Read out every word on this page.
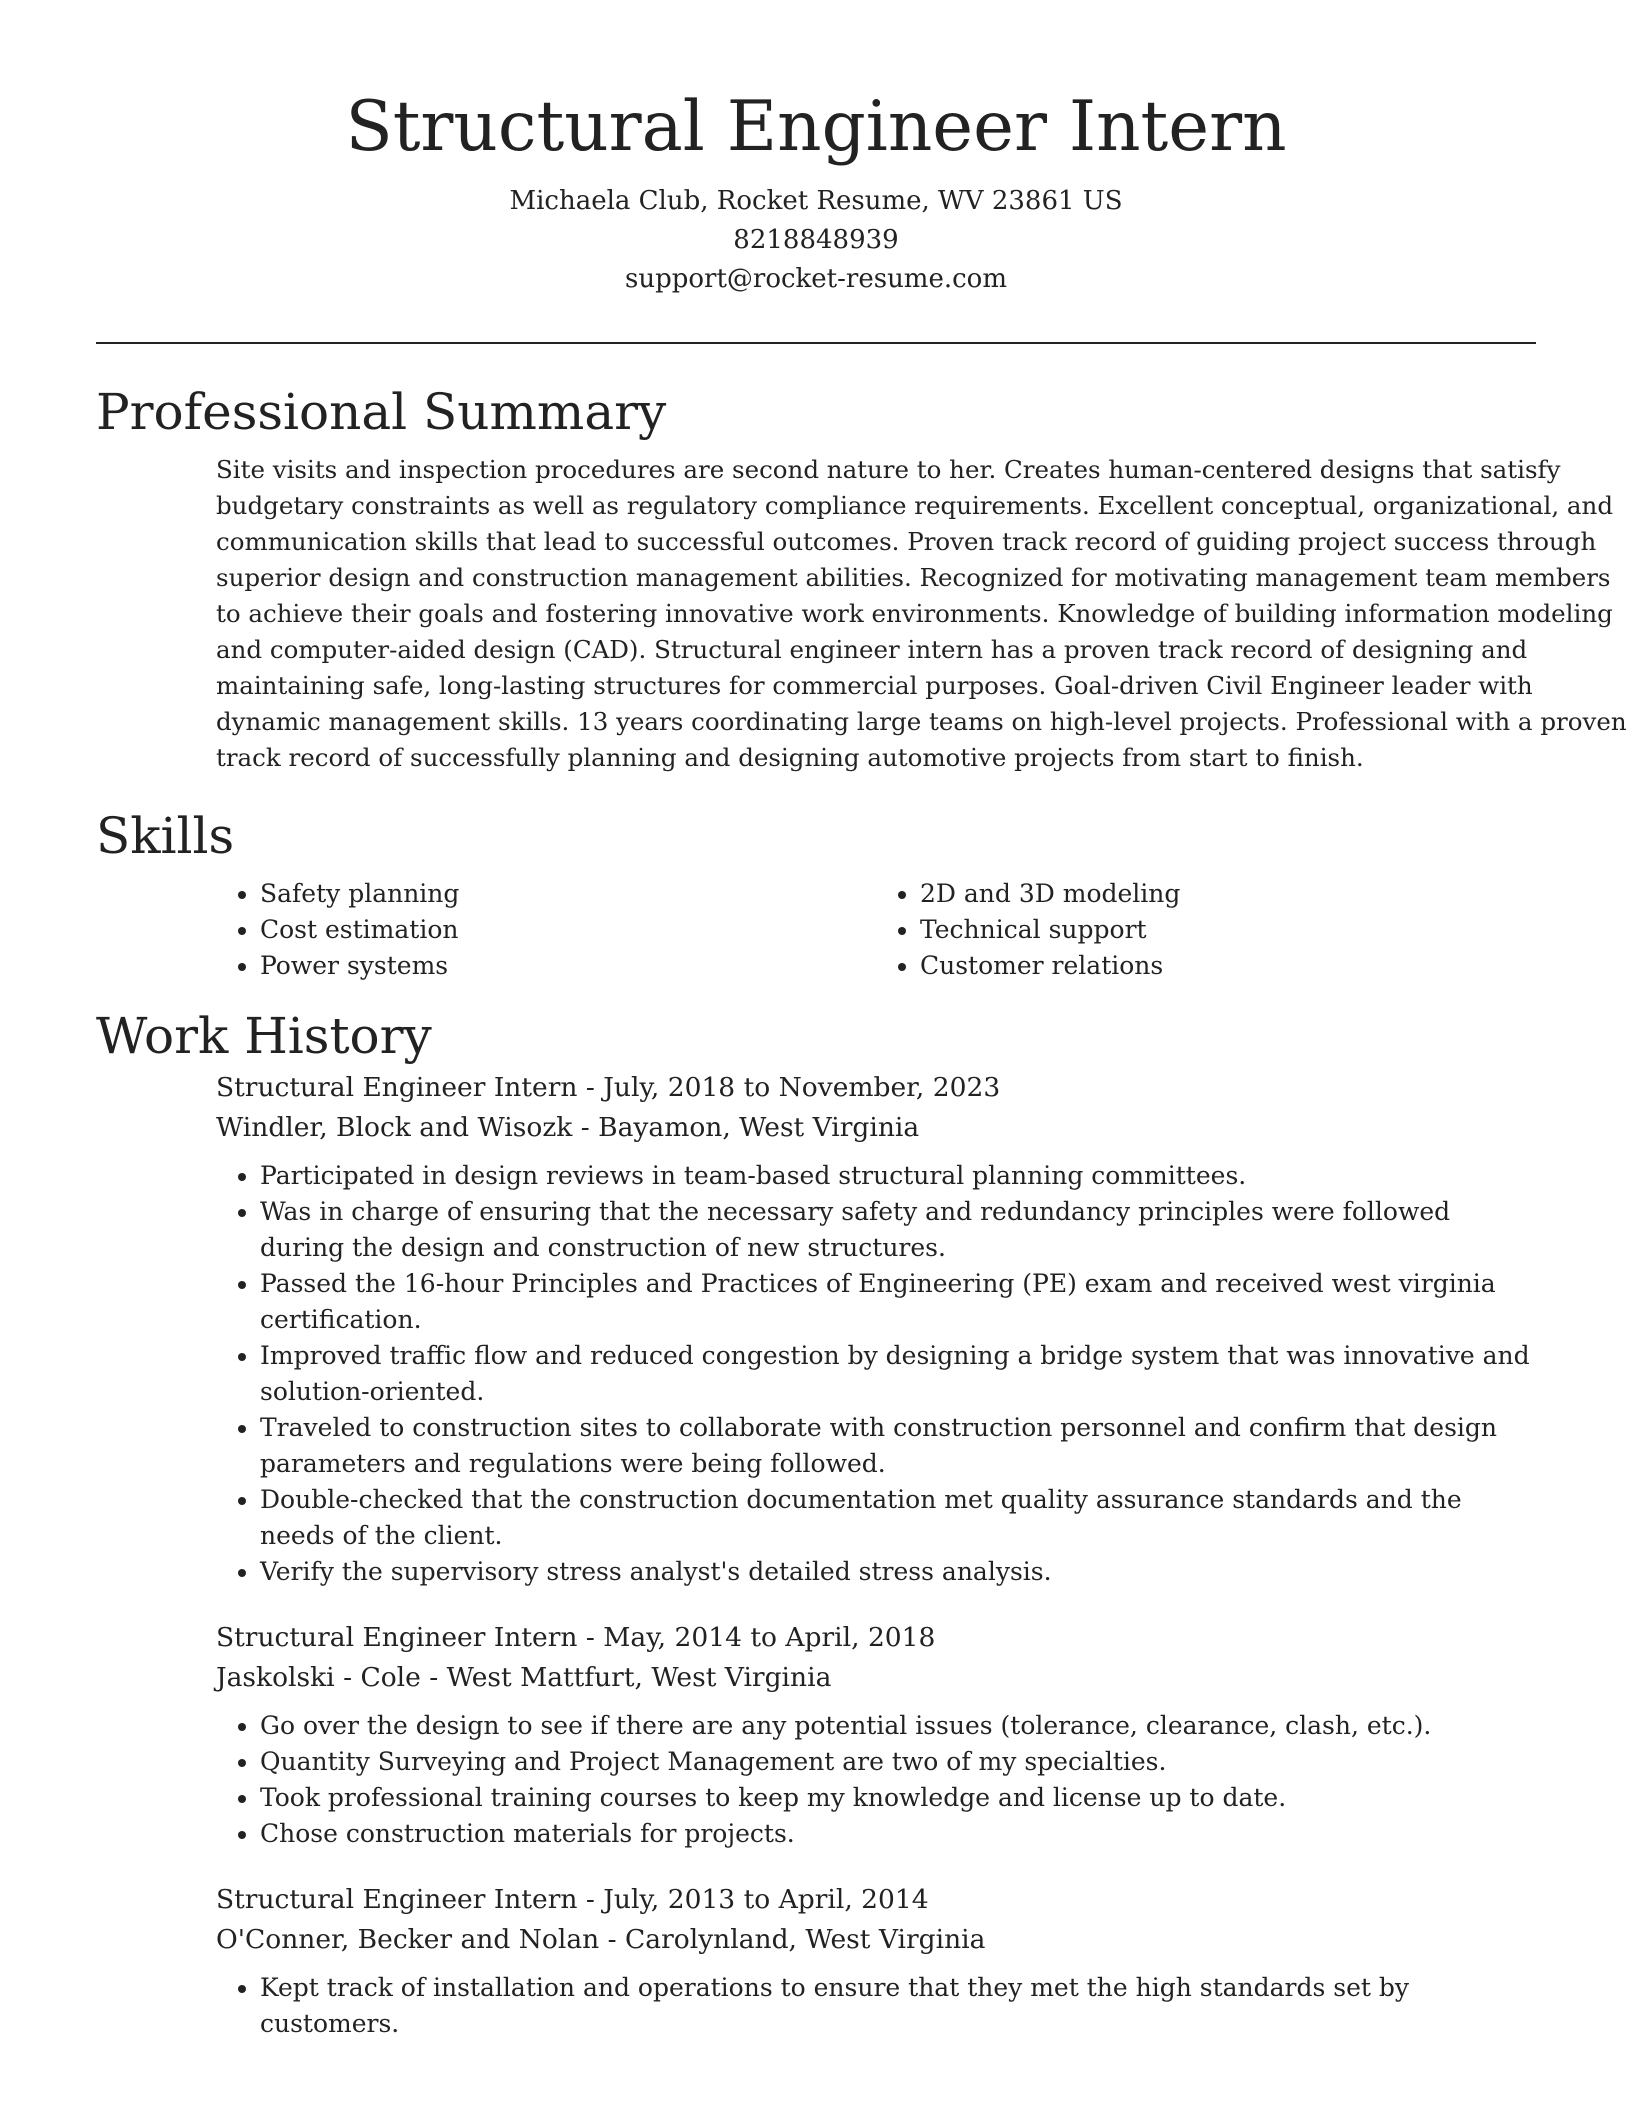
Structural Engineer Intern

Michaela Club, Rocket Resume, WV 23861 US

8218848939

support@rocket-resume.com

Professional Summary

Site visits and inspection procedures are second nature to her. Creates human-centered designs that satisfy budgetary constraints as well as regulatory compliance requirements. Excellent conceptual, organizational, and communication skills that lead to successful outcomes. Proven track record of guiding project success through superior design and construction management abilities. Recognized for motivating management team members to achieve their goals and fostering innovative work environments. Knowledge of building information modeling and computer-aided design (CAD). Structural engineer intern has a proven track record of designing and maintaining safe, long-lasting structures for commercial purposes. Goal-driven Civil Engineer leader with dynamic management skills. 13 years coordinating large teams on high-level projects. Professional with a proven track record of successfully planning and designing automotive projects from start to finish.

Skills
• Safety planning
• Cost estimation
• Power systems
• 2D and 3D modeling
• Technical support
• Customer relations
Work History

Structural Engineer Intern - July, 2018 to November, 2023

Windler, Block and Wisozk - Bayamon, West Virginia

• Participated in design reviews in team-based structural planning committees.
• Was in charge of ensuring that the necessary safety and redundancy principles were followed during the design and construction of new structures.
• Passed the 16-hour Principles and Practices of Engineering (PE) exam and received west virginia certification.
• Improved traffic flow and reduced congestion by designing a bridge system that was innovative and solution-oriented.
• Traveled to construction sites to collaborate with construction personnel and confirm that design parameters and regulations were being followed.
• Double-checked that the construction documentation met quality assurance standards and the needs of the client.
• Verify the supervisory stress analyst's detailed stress analysis.

Structural Engineer Intern - May, 2014 to April, 2018

Jaskolski - Cole - West Mattfurt, West Virginia

• Go over the design to see if there are any potential issues (tolerance, clearance, clash, etc.).
• Quantity Surveying and Project Management are two of my specialties.
• Took professional training courses to keep my knowledge and license up to date.
• Chose construction materials for projects.

Structural Engineer Intern - July, 2013 to April, 2014

O'Conner, Becker and Nolan - Carolynland, West Virginia

• Kept track of installation and operations to ensure that they met the high standards set by customers.
